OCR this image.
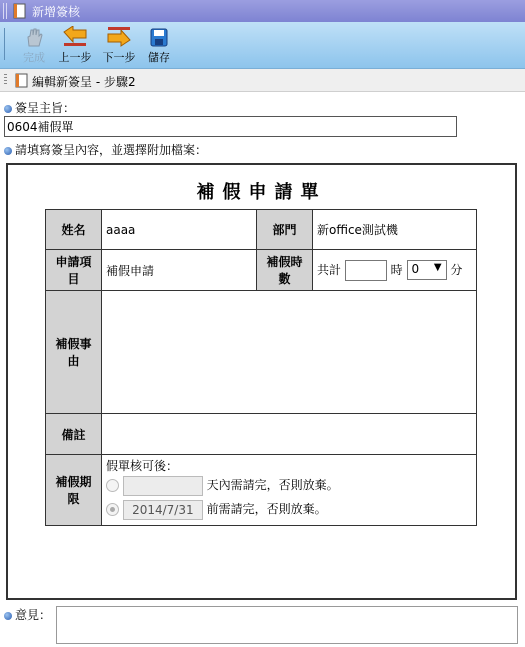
新增簽核
完成 上一步 下一步 儲存
編輯新簽呈 - 步驟2
簽呈主旨：
0604補假單
請填寫簽呈內容，並選擇附加檔案：
補假申請單
姓名	aaaa	部門	新office測試機
申請項目	補假申請	補假時數	共計 時 0 ▼ 分
補假事由	
備註			
補假期限	假單核可後：
天內需請完，否則放棄。
2014/7/31 前需請完，否則放棄。		
意見：
